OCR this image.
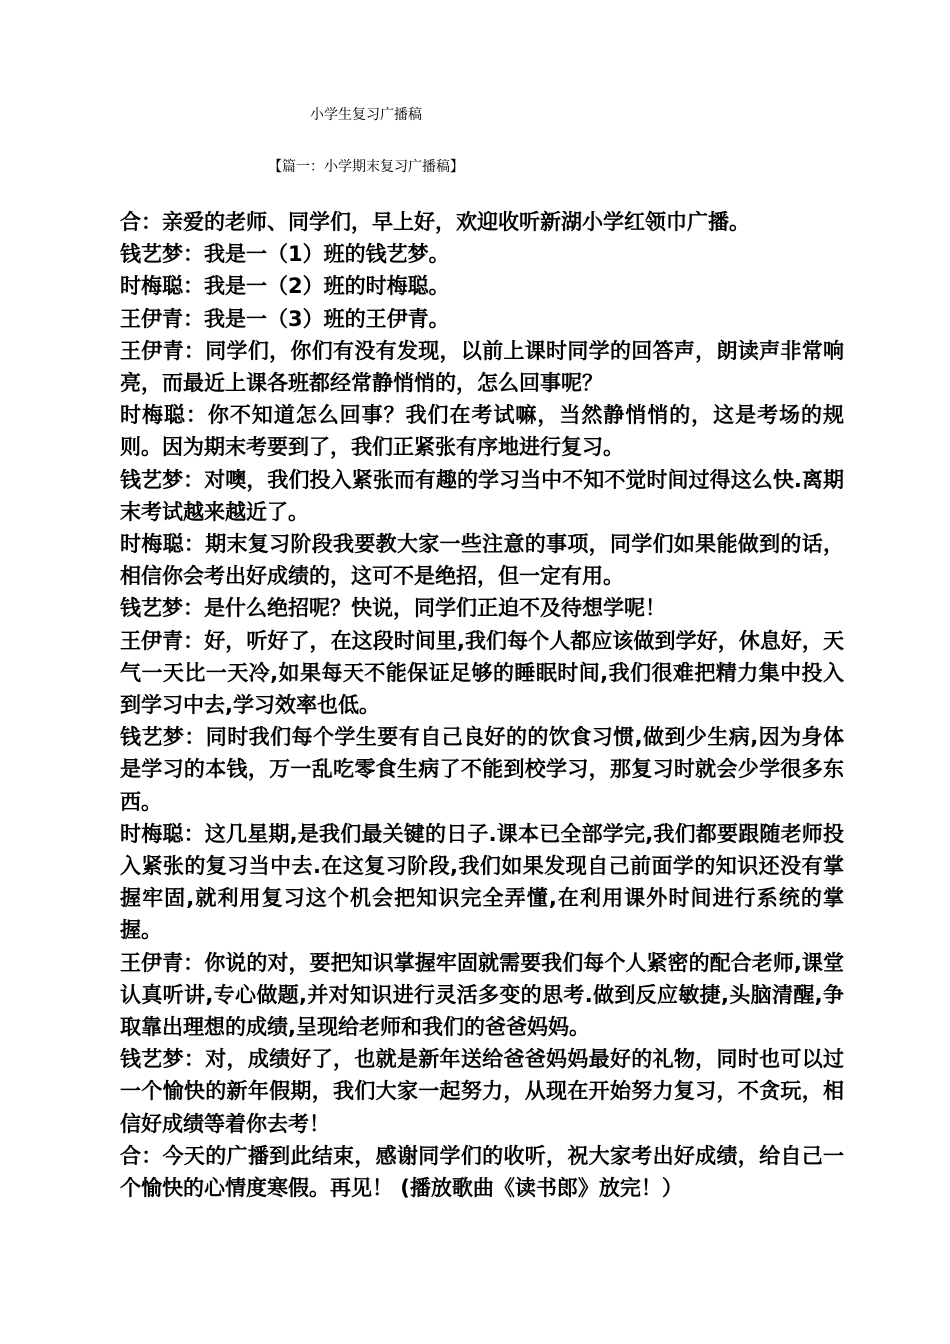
小学生复习广播稿
【篇一：小学期末复习广播稿】

合：亲爱的老师、同学们，早上好，欢迎收听新湖小学红领巾广播。

钱艺梦：我是一（1）班的钱艺梦。

时梅聪：我是一（2）班的时梅聪。

王伊青：我是一（3）班的王伊青。

王伊青：同学们，你们有没有发现，以前上课时同学的回答声，朗读声非常响亮，而最近上课各班都经常静悄悄的，怎么回事呢？

时梅聪：你不知道怎么回事？我们在考试嘛，当然静悄悄的，这是考场的规则。因为期末考要到了，我们正紧张有序地进行复习。

钱艺梦：对噢，我们投入紧张而有趣的学习当中不知不觉时间过得这么快.离期末考试越来越近了。

时梅聪：期末复习阶段我要教大家一些注意的事项，同学们如果能做到的话，相信你会考出好成绩的，这可不是绝招，但一定有用。

钱艺梦：是什么绝招呢？快说，同学们正迫不及待想学呢！

王伊青：好，听好了，在这段时间里,我们每个人都应该做到学好，休息好，天气一天比一天冷,如果每天不能保证足够的睡眠时间,我们很难把精力集中投入到学习中去,学习效率也低。

钱艺梦：同时我们每个学生要有自己良好的的饮食习惯,做到少生病,因为身体是学习的本钱，万一乱吃零食生病了不能到校学习，那复习时就会少学很多东西。

时梅聪：这几星期,是我们最关键的日子.课本已全部学完,我们都要跟随老师投入紧张的复习当中去.在这复习阶段,我们如果发现自己前面学的知识还没有掌握牢固,就利用复习这个机会把知识完全弄懂,在利用课外时间进行系统的掌握。

王伊青：你说的对，要把知识掌握牢固就需要我们每个人紧密的配合老师,课堂认真听讲,专心做题,并对知识进行灵活多变的思考.做到反应敏捷,头脑清醒,争取靠出理想的成绩,呈现给老师和我们的爸爸妈妈。

钱艺梦：对，成绩好了，也就是新年送给爸爸妈妈最好的礼物，同时也可以过一个愉快的新年假期，我们大家一起努力，从现在开始努力复习，不贪玩，相信好成绩等着你去考！

合：今天的广播到此结束，感谢同学们的收听，祝大家考出好成绩，给自己一个愉快的心情度寒假。再见！ (播放歌曲《读书郎》放完！）
